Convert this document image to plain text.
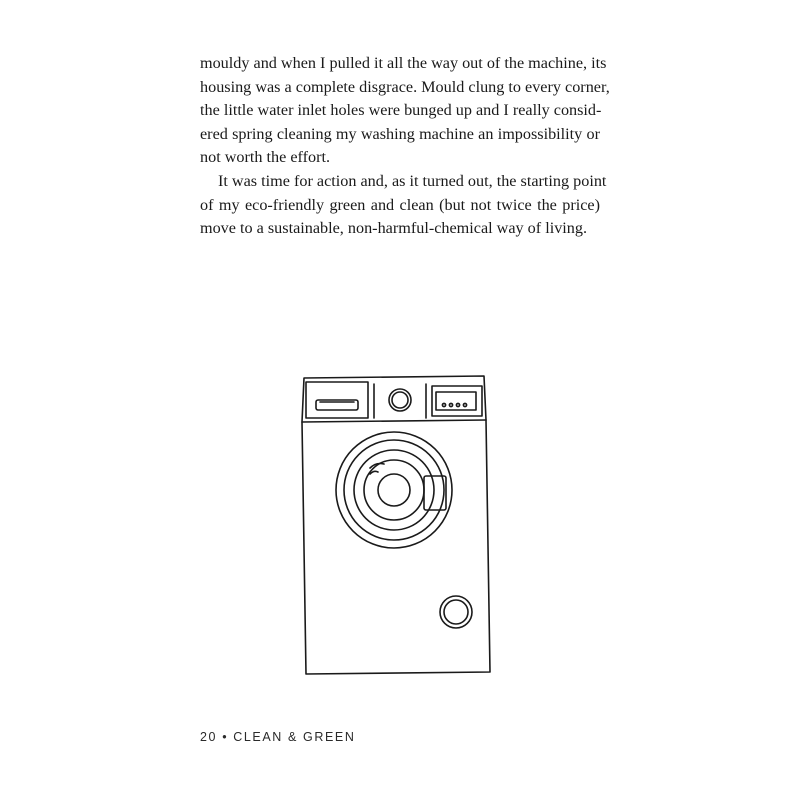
mouldy and when I pulled it all the way out of the machine, its
housing was a complete disgrace. Mould clung to every corner,
the little water inlet holes were bunged up and I really consid-
ered spring cleaning my washing machine an impossibility or
not worth the effort.

It was time for action and, as it turned out, the starting point

of my eco-friendly green and clean (but not twice the price)
move to a sustainable, non-harmful-chemical way of living.

20 • CLEAN & GREEN
